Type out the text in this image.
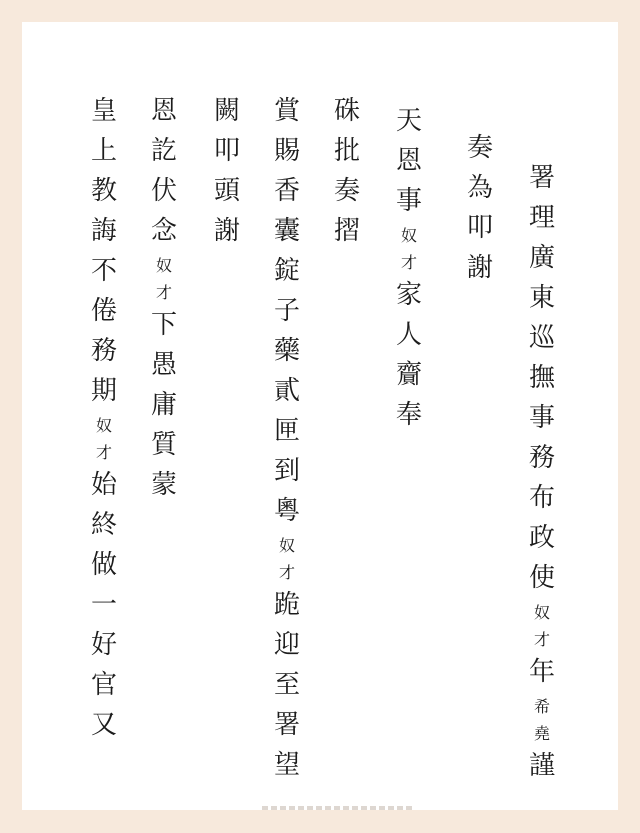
署
理
廣
東
巡
撫
事
務
布
政
使
奴
才
年
希
堯
謹
奏
為
叩
謝
天
恩
事
奴
才
家
人
齎
奉
硃
批
奏
摺
賞
賜
香
囊
錠
子
藥
貳
匣
到
粵
奴
才
跪
迎
至
署
望
闕
叩
頭
謝
恩
訖
伏
念
奴
才
下
愚
庸
質
蒙
皇
上
教
誨
不
倦
務
期
奴
才
始
終
做
一
好
官
又
